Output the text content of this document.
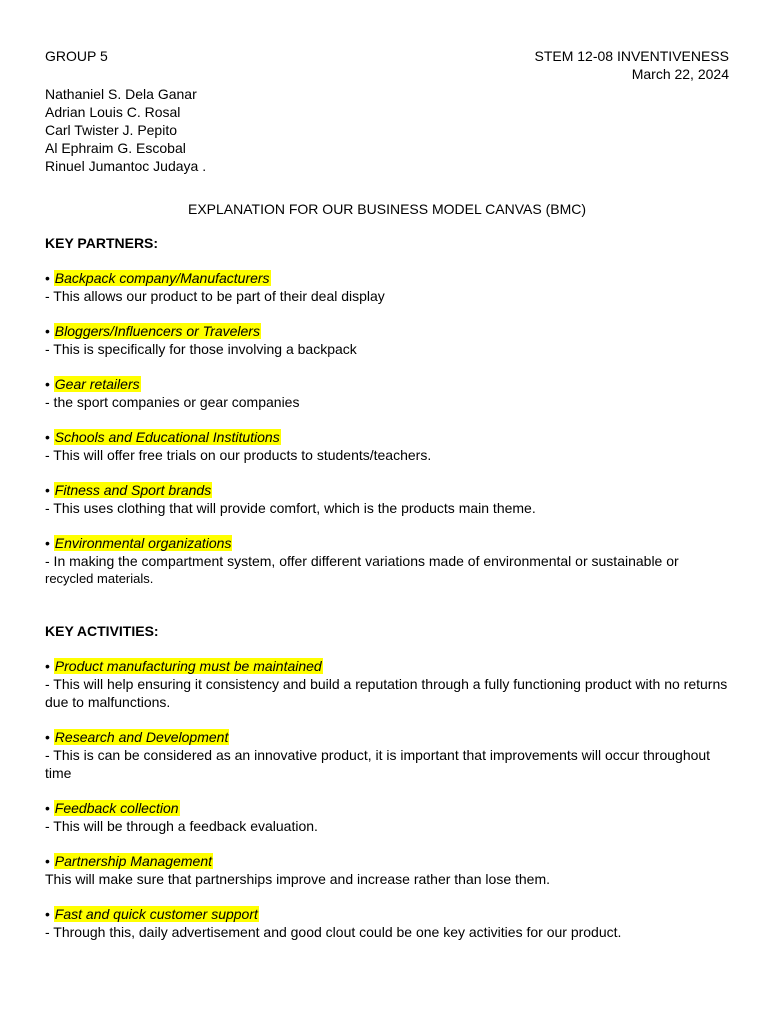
GROUP 5	STEM 12-08 INVENTIVENESS
March 22, 2024
Nathaniel S. Dela Ganar
Adrian Louis C. Rosal
Carl Twister J. Pepito
Al Ephraim G. Escobal
Rinuel Jumantoc Judaya .
EXPLANATION FOR OUR BUSINESS MODEL CANVAS (BMC)
KEY PARTNERS:
• Backpack company/Manufacturers
- This allows our product to be part of their deal display
• Bloggers/Influencers or Travelers
- This is specifically for those involving a backpack
• Gear retailers
- the sport companies or gear companies
• Schools and Educational Institutions
- This will offer free trials on our products to students/teachers.
• Fitness and Sport brands
- This uses clothing that will provide comfort, which is the products main theme.
• Environmental organizations
- In making the compartment system, offer different variations made of environmental or sustainable or
recycled materials.
KEY ACTIVITIES:
• Product manufacturing must be maintained
- This will help ensuring it consistency and build a reputation through a fully functioning product with no returns due to malfunctions.
• Research and Development
- This is can be considered as an innovative product, it is important that improvements will occur throughout time
• Feedback collection
- This will be through a feedback evaluation.
• Partnership Management
This will make sure that partnerships improve and increase rather than lose them.
• Fast and quick customer support
- Through this, daily advertisement and good clout could be one key activities for our product.
